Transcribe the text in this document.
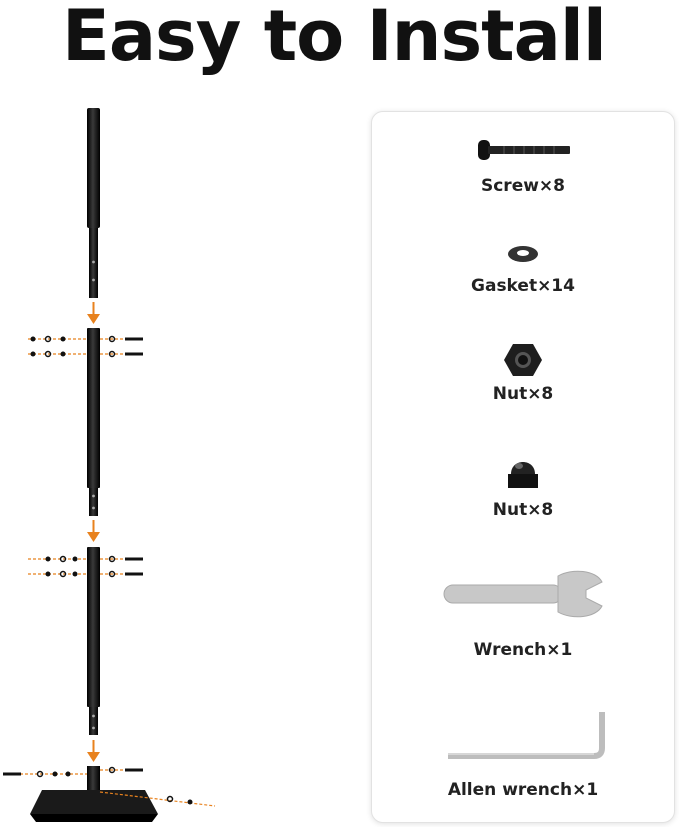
Easy to Install
Screw×8
Gasket×14
Nut×8
Nut×8
Wrench×1
Allen wrench×1
